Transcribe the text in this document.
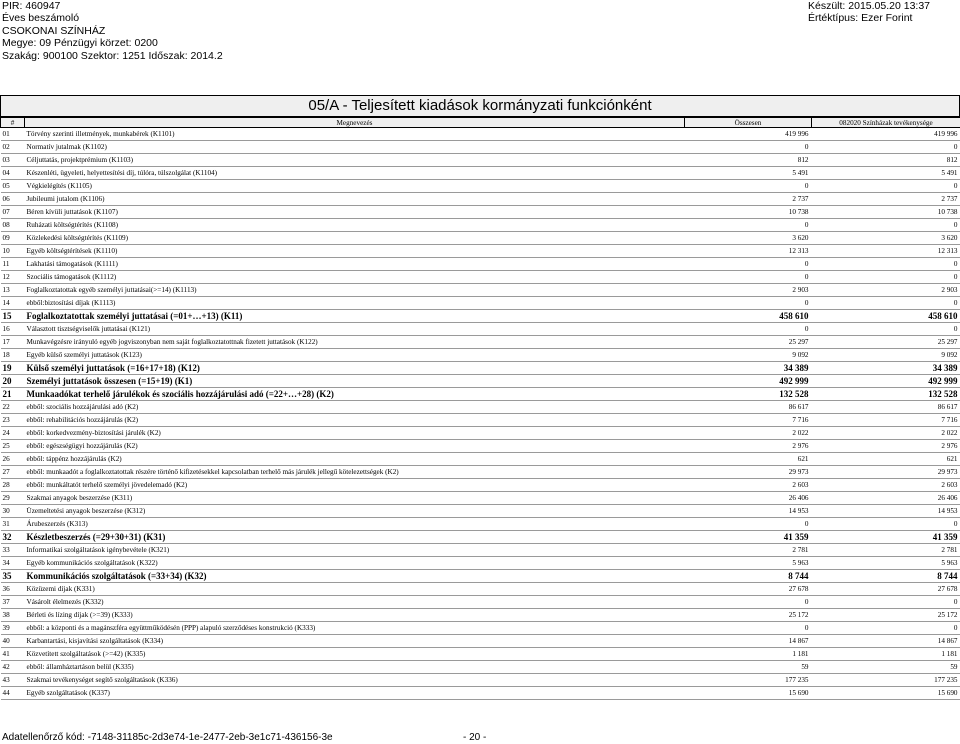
PIR: 460947
Éves beszámoló
CSOKONAI SZÍNHÁZ
Megye: 09 Pénzügyi körzet: 0200
Szakág: 900100 Szektor: 1251 Időszak: 2014.2
Készült: 2015.05.20 13:37
Értéktípus: Ezer Forint
05/A - Teljesített kiadások kormányzati funkciónként
#	Megnevezés	Összesen	082020 Színházak tevékenysége
01	Törvény szerinti illetmények, munkabérek (K1101)	419 996	419 996
02	Normatív jutalmak (K1102)	0	0
03	Céljuttatás, projektprémium (K1103)	812	812
04	Készenléti, ügyeleti, helyettesítési díj, túlóra, túlszolgálat (K1104)	5 491	5 491
05	Végkielégítés (K1105)	0	0
06	Jubileumi jutalom (K1106)	2 737	2 737
07	Béren kívüli juttatások (K1107)	10 738	10 738
08	Ruházati költségtérítés (K1108)	0	0
09	Közlekedési költségtérítés (K1109)	3 620	3 620
10	Egyéb költségtérítések (K1110)	12 313	12 313
11	Lakhatási támogatások (K1111)	0	0
12	Szociális támogatások (K1112)	0	0
13	Foglalkoztatottak egyéb személyi juttatásai(>=14) (K1113)	2 903	2 903
14	ebből:biztosítási díjak (K1113)	0	0
15	Foglalkoztatottak személyi juttatásai (=01+…+13) (K11)	458 610	458 610
16	Választott tisztségviselők juttatásai (K121)	0	0
17	Munkavégzésre irányuló egyéb jogviszonyban nem saját foglalkoztatottnak fizetett juttatások (K122)	25 297	25 297
18	Egyéb külső személyi juttatások (K123)	9 092	9 092
19	Külső személyi juttatások (=16+17+18) (K12)	34 389	34 389
20	Személyi juttatások összesen (=15+19) (K1)	492 999	492 999
21	Munkaadókat terhelő járulékok és szociális hozzájárulási adó (=22+…+28) (K2)	132 528	132 528
22	ebből: szociális hozzájárulási adó (K2)	86 617	86 617
23	ebből: rehabilitációs hozzájárulás (K2)	7 716	7 716
24	ebből: korkedvezmény-biztosítási járulék (K2)	2 022	2 022
25	ebből: egészségügyi hozzájárulás (K2)	2 976	2 976
26	ebből: táppénz hozzájárulás (K2)	621	621
27	ebből: munkaadót a foglalkoztatottak részére történő kifizetésekkel kapcsolatban terhelő más járulék jellegű kötelezettségek (K2)	29 973	29 973
28	ebből: munkáltatót terhelő személyi jövedelemadó (K2)	2 603	2 603
29	Szakmai anyagok beszerzése (K311)	26 406	26 406
30	Üzemeltetési anyagok beszerzése (K312)	14 953	14 953
31	Árubeszerzés (K313)	0	0
32	Készletbeszerzés (=29+30+31) (K31)	41 359	41 359
33	Informatikai szolgáltatások igénybevétele (K321)	2 781	2 781
34	Egyéb kommunikációs szolgáltatások (K322)	5 963	5 963
35	Kommunikációs szolgáltatások (=33+34) (K32)	8 744	8 744
36	Közüzemi díjak (K331)	27 678	27 678
37	Vásárolt élelmezés (K332)	0	0
38	Bérleti és lízing díjak (>=39) (K333)	25 172	25 172
39	ebből: a központi és a magánszféra együttműködésén (PPP) alapuló szerződéses konstrukció (K333)	0	0
40	Karbantartási, kisjavítási szolgáltatások (K334)	14 867	14 867
41	Közvetített szolgáltatások (>=42) (K335)	1 181	1 181
42	ebből: államháztartáson belül (K335)	59	59
43	Szakmai tevékenységet segítő szolgáltatások (K336)	177 235	177 235
44	Egyéb szolgáltatások (K337)	15 690	15 690
Adatellenőrző kód: -7148-31185c-2d3e74-1e-2477-2eb-3e1c71-436156-3e	- 20 -
